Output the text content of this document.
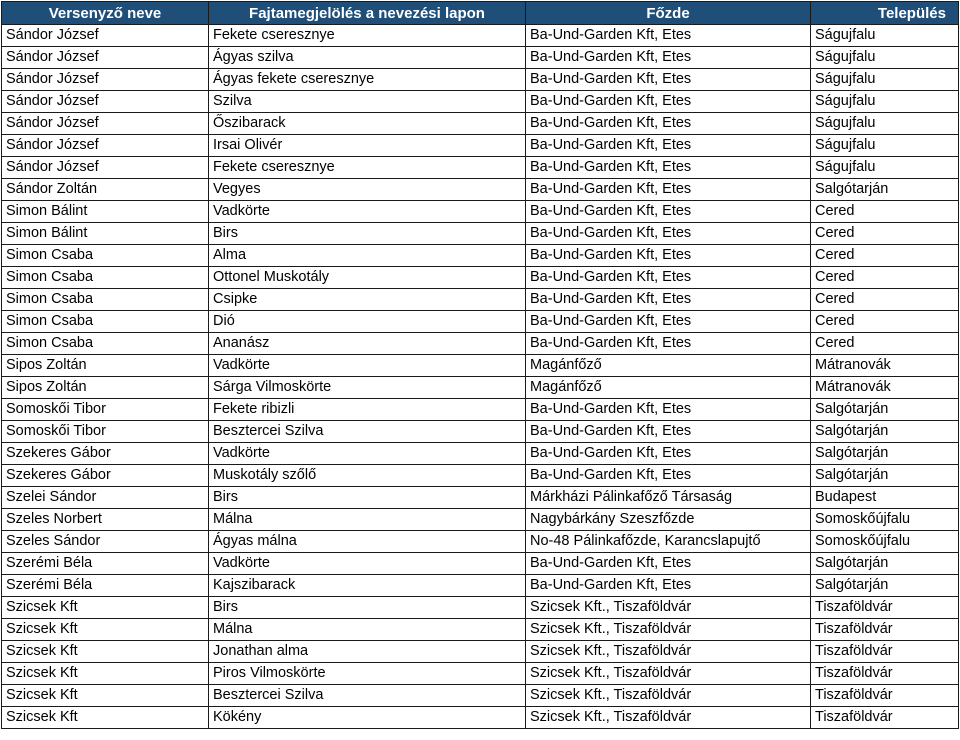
Versenyző neve	Fajtamegjelölés a nevezési lapon	Főzde	Település
Sándor József	Fekete cseresznye	Ba-Und-Garden Kft, Etes	Ságujfalu
Sándor József	Ágyas szilva	Ba-Und-Garden Kft, Etes	Ságujfalu
Sándor József	Ágyas fekete cseresznye	Ba-Und-Garden Kft, Etes	Ságujfalu
Sándor József	Szilva	Ba-Und-Garden Kft, Etes	Ságujfalu
Sándor József	Őszibarack	Ba-Und-Garden Kft, Etes	Ságujfalu
Sándor József	Irsai Olivér	Ba-Und-Garden Kft, Etes	Ságujfalu
Sándor József	Fekete cseresznye	Ba-Und-Garden Kft, Etes	Ságujfalu
Sándor Zoltán	Vegyes	Ba-Und-Garden Kft, Etes	Salgótarján
Simon Bálint	Vadkörte	Ba-Und-Garden Kft, Etes	Cered
Simon Bálint	Birs	Ba-Und-Garden Kft, Etes	Cered
Simon Csaba	Alma	Ba-Und-Garden Kft, Etes	Cered
Simon Csaba	Ottonel Muskotály	Ba-Und-Garden Kft, Etes	Cered
Simon Csaba	Csipke	Ba-Und-Garden Kft, Etes	Cered
Simon Csaba	Dió	Ba-Und-Garden Kft, Etes	Cered
Simon Csaba	Ananász	Ba-Und-Garden Kft, Etes	Cered
Sipos Zoltán	Vadkörte	Magánfőző	Mátranovák
Sipos Zoltán	Sárga Vilmoskörte	Magánfőző	Mátranovák
Somoskői Tibor	Fekete ribizli	Ba-Und-Garden Kft, Etes	Salgótarján
Somoskői Tibor	Besztercei Szilva	Ba-Und-Garden Kft, Etes	Salgótarján
Szekeres Gábor	Vadkörte	Ba-Und-Garden Kft, Etes	Salgótarján
Szekeres Gábor	Muskotály szőlő	Ba-Und-Garden Kft, Etes	Salgótarján
Szelei Sándor	Birs	Márkházi Pálinkafőző Társaság	Budapest
Szeles Norbert	Málna	Nagybárkány Szeszfőzde	Somoskőújfalu
Szeles Sándor	Ágyas málna	No-48 Pálinkafőzde, Karancslapujtő	Somoskőújfalu
Szerémi Béla	Vadkörte	Ba-Und-Garden Kft, Etes	Salgótarján
Szerémi Béla	Kajszibarack	Ba-Und-Garden Kft, Etes	Salgótarján
Szicsek Kft	Birs	Szicsek Kft., Tiszaföldvár	Tiszaföldvár
Szicsek Kft	Málna	Szicsek Kft., Tiszaföldvár	Tiszaföldvár
Szicsek Kft	Jonathan alma	Szicsek Kft., Tiszaföldvár	Tiszaföldvár
Szicsek Kft	Piros Vilmoskörte	Szicsek Kft., Tiszaföldvár	Tiszaföldvár
Szicsek Kft	Besztercei Szilva	Szicsek Kft., Tiszaföldvár	Tiszaföldvár
Szicsek Kft	Kökény	Szicsek Kft., Tiszaföldvár	Tiszaföldvár
